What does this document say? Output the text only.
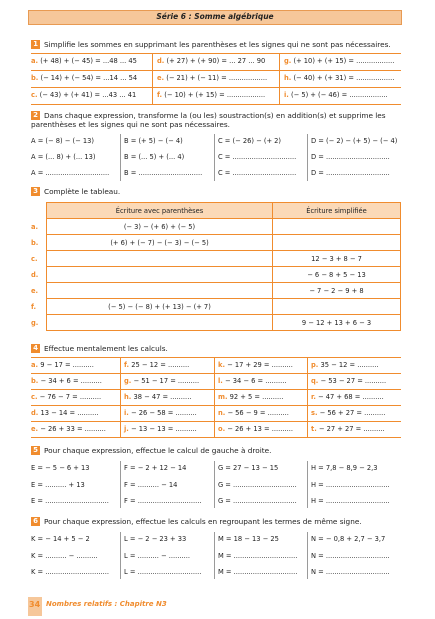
Série 6 : Somme algébrique
1 Simplifie les sommes en supprimant les parenthèses et les signes qui ne sont pas nécessaires.
a. (+ 48) + (− 45) = ...48 ... 45	d. (+ 27) + (+ 90) = ... 27 ... 90	g. (+ 10) + (+ 15) = ..................
b. (− 14) + (− 54) = ...14 ... 54	e. (− 21) + (− 11) = ..................	h. (− 40) + (+ 31) = ..................
c. (− 43) + (+ 41) = ...43 ... 41	f. (− 10) + (+ 15) = ..................	i. (− 5) + (− 46) = ..................
2 Dans chaque expression, transforme la (ou les) soustraction(s) en addition(s) et supprime les parenthèses et les signes qui ne sont pas nécessaires.
A = (− 8) − (− 13)	B = (+ 5) − (− 4)	C = (− 26) − (+ 2)	D = (− 2) − (+ 5) − (− 4)
A = (... 8) + (... 13)	B = (... 5) + (... 4)	C = .............................. D = ..............................
A = .............................. B = .............................. C = .............................. D = ..............................
3 Complète le tableau.
	Écriture avec parenthèses	Écriture simplifiée
a.	(− 3) − (+ 6) + (− 5)	
b.	(+ 6) + (− 7) − (− 3) − (− 5)	
c.		12 − 3 + 8 − 7
d.		− 6 − 8 + 5 − 13
e.		− 7 − 2 − 9 + 8
f.	(− 5) − (− 8) + (+ 13) − (+ 7)	
g.		9 − 12 + 13 + 6 − 3
4 Effectue mentalement les calculs.
a. 9 − 17 = ..........	f. 25 − 12 = ..........	k. − 17 + 29 = ..........	p. 35 − 12 = ..........
b. − 34 + 6 = ..........	g. − 51 − 17 = ..........	l. − 34 − 6 = ..........	q. − 53 − 27 = ..........
c. − 76 − 7 = ..........	h. 38 − 47 = ..........	m. 92 + 5 = ..........	r. − 47 + 68 = ..........
d. 13 − 14 = ..........	i. − 26 − 58 = ..........	n. − 56 − 9 = ..........	s. − 56 + 27 = ..........
e. − 26 + 33 = ..........	j. − 13 − 13 = ..........	o. − 26 + 13 = ..........	t. − 27 + 27 = ..........
5 Pour chaque expression, effectue le calcul de gauche à droite.
E = − 5 − 6 + 13	F = − 2 + 12 − 14	G = 27 − 13 − 15	H = 7,8 − 8,9 − 2,3
E = .......... + 13	F = .......... − 14	G = .............................. H = ..............................
E = .............................. F = .............................. G = .............................. H = ..............................
6 Pour chaque expression, effectue les calculs en regroupant les termes de même signe.
K = − 14 + 5 − 2	L = − 2 − 23 + 33	M = 18 − 13 − 25	N = − 0,8 + 2,7 − 3,7
K = .......... − ..........	L = .......... − ..........	M = .............................. N = ..............................
K = .............................. L = .............................. M = .............................. N = ..............................
34 Nombres relatifs : Chapitre N3
